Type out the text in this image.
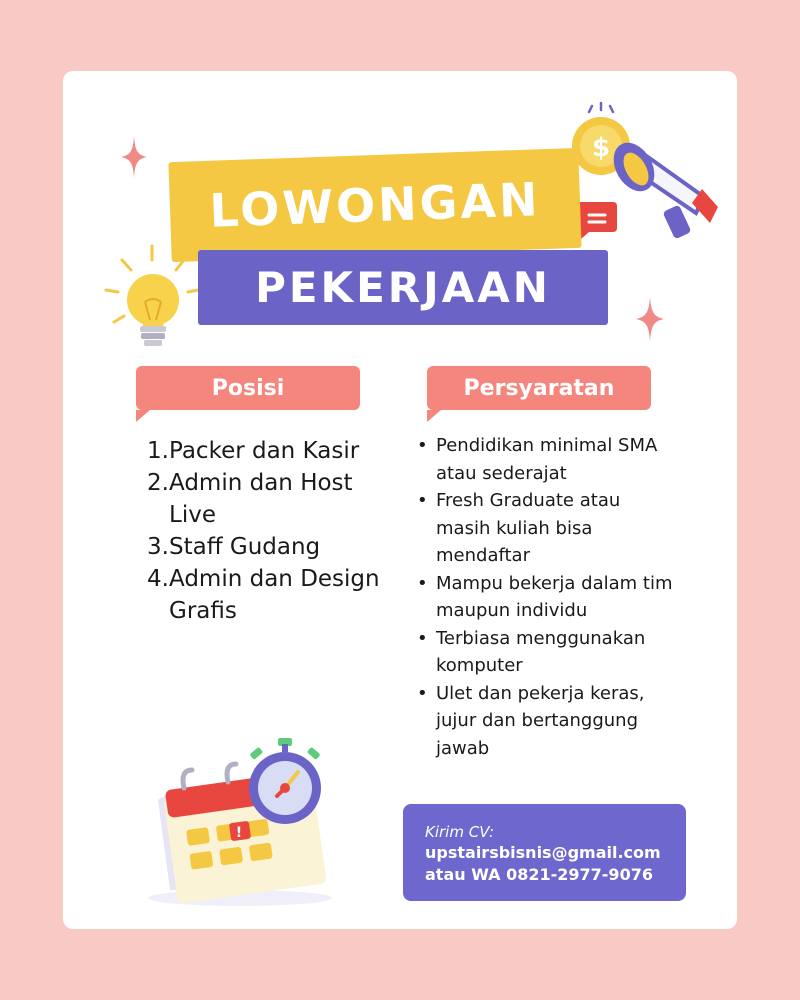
$
LOWONGAN
PEKERJAAN
Posisi	Persyaratan
1. Packer dan Kasir
2. Admin dan Host Live
3. Staff Gudang
4. Admin dan Design Grafis
• Pendidikan minimal SMA atau sederajat
• Fresh Graduate atau masih kuliah bisa mendaftar
• Mampu bekerja dalam tim maupun individu
• Terbiasa menggunakan komputer
• Ulet dan pekerja keras, jujur dan bertanggung jawab
!	Kirim CV:
upstairsbisnis@gmail.com
atau WA 0821-2977-9076
